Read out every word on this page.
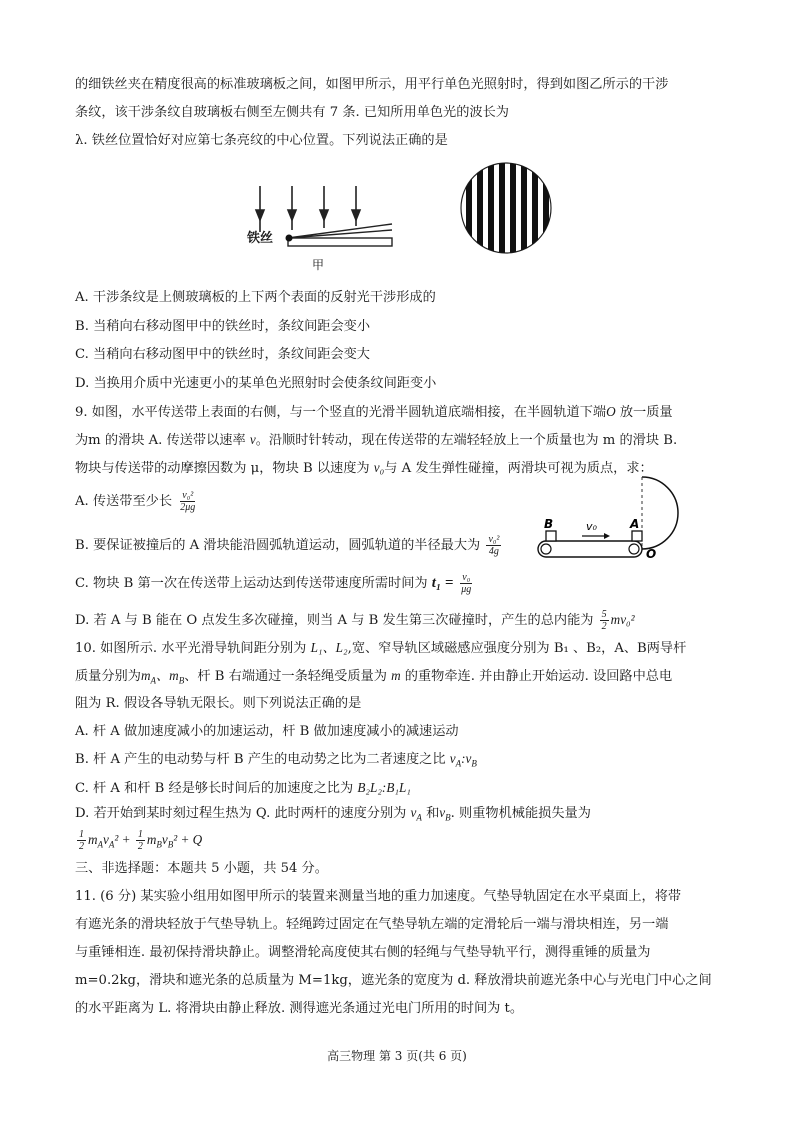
的细铁丝夹在精度很高的标准玻璃板之间，如图甲所示，用平行单色光照射时，得到如图乙所示的干涉
条纹，该干涉条纹自玻璃板右侧至左侧共有 7 条. 已知所用单色光的波长为
λ. 铁丝位置恰好对应第七条亮纹的中心位置。下列说法正确的是
铁丝
甲
A. 干涉条纹是上侧玻璃板的上下两个表面的反射光干涉形成的
B. 当稍向右移动图甲中的铁丝时，条纹间距会变小
C. 当稍向右移动图甲中的铁丝时，条纹间距会变大
D. 当换用介质中光速更小的某单色光照射时会使条纹间距变小
9. 如图，水平传送带上表面的右侧，与一个竖直的光滑半圆轨道底端相接，在半圆轨道下端O 放一质量
为m 的滑块 A. 传送带以速率 v。沿顺时针转动，现在传送带的左端轻轻放上一个质量也为 m 的滑块 B.
物块与传送带的动摩擦因数为 μ，物块 B 以速度为 v₀与 A 发生弹性碰撞，两滑块可视为质点，求：
A. 传送带至少长 $\frac{\text{v₀²}}{2\mu g}$
B. 要保证被撞后的 A 滑块能沿圆弧轨道运动，圆弧轨道的半径最大为 $\frac{\text{v₀²}}{4g}$
C. 物块 B 第一次在传送带上运动达到传送带速度所需时间为 $t_1 = \frac{\text{v₀}}{\mu g}$
D. 若 A 与 B 能在 O 点发生多次碰撞，则当 A 与 B 发生第三次碰撞时，产生的总内能为 $\frac{5}{2} mv_0^2$
B	A
O
v₀
10. 如图所示. 水平光滑导轨间距分别为 L₁、L₂,宽、窄导轨区域磁感应强度分别为 B₁ 、B₂，A、B两导杆
质量分别为$m_A$、$m_B$、杆 B 右端通过一条轻绳受质量为 m 的重物牵连. 并由静止开始运动. 设回路中总电
阻为 R. 假设各导轨无限长。则下列说法正确的是
A. 杆 A 做加速度减小的加速运动，杆 B 做加速度减小的减速运动
B. 杆 A 产生的电动势与杆 B 产生的电动势之比为二者速度之比 $v_A:v_B$
C. 杆 A 和杆 B 经是够长时间后的加速度之比为 B₂L₂:B₁L₁
D. 若开始到某时刻过程生热为 Q. 此时两杆的速度分别为 $v_A$ 和$v_B$. 则重物机械能损失量为
$\frac{1}{2} m_Av_A^2 + \frac{1}{2} m_Bv_B^2 + Q$
三、非选择题：本题共 5 小题，共 54 分。
11. (6 分) 某实验小组用如图甲所示的装置来测量当地的重力加速度。气垫导轨固定在水平桌面上，将带
有遮光条的滑块轻放于气垫导轨上。轻绳跨过固定在气垫导轨左端的定滑轮后一端与滑块相连，另一端
与重锤相连. 最初保持滑块静止。调整滑轮高度使其右侧的轻绳与气垫导轨平行，测得重锤的质量为
m=0.2kg，滑块和遮光条的总质量为 M=1kg，遮光条的宽度为 d. 释放滑块前遮光条中心与光电门中心之间
的水平距离为 L. 将滑块由静止释放. 测得遮光条通过光电门所用的时间为 t。
高三物理 第 3 页(共 6 页)
